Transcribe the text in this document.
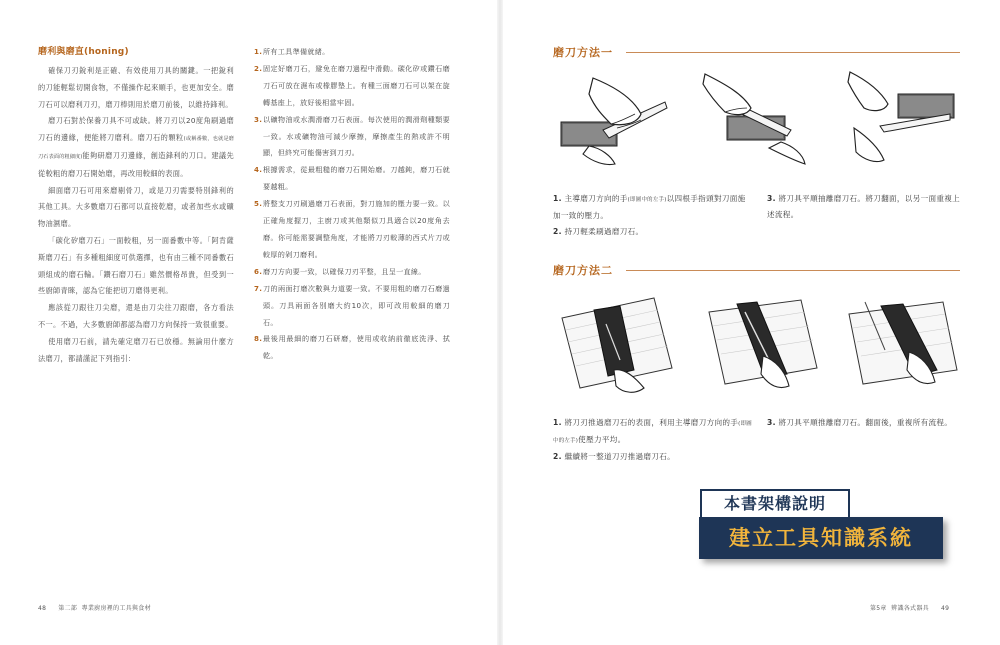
磨利與磨直(honing)

確保刀刃銳利是正確、有效使用刀具的關鍵。一把銳利的刀能輕鬆切開食物，不僅操作起來順手，也更加安全。磨刀石可以磨利刀刃，磨刀棒則用於磨刀前後，以維持鋒利。

磨刀石對於保養刀具不可或缺。將刀刃以20度角刷過磨刀石的邊緣，便能將刀磨利。磨刀石的顆粒(或稱番數，也就是磨刀石表面的粗細度)能夠研磨刀刃邊緣，創造鋒利的刀口。建議先從較粗的磨刀石開始磨，再改用較細的表面。

細面磨刀石可用來磨剔骨刀，或是刀刃需要特別鋒利的其他工具。大多數磨刀石都可以直接乾磨，或者加些水或礦物油濕磨。

「碳化矽磨刀石」一面較粗，另一面番數中等。「阿肯薩斯磨刀石」有多種粗細度可供選擇，也有由三種不同番數石頭組成的磨石輪。「鑽石磨刀石」雖然價格昂貴，但受到一些廚師青睞，認為它能把切刀磨得更利。

應該從刀跟往刀尖磨，還是由刀尖往刀跟磨，各方看法不一。不過，大多數廚師都認為磨刀方向保持一致很重要。

使用磨刀石前，請先確定磨刀石已放穩。無論用什麼方法磨刀，都請謹記下列指引：

1. 所有工具準備就緒。
2. 固定好磨刀石，避免在磨刀過程中滑動。碳化矽或鑽石磨刀石可放在濕布或橡膠墊上。有種三面磨刀石可以架在旋轉基座上，放好後相當牢固。
3. 以礦物油或水潤滑磨刀石表面。每次使用的潤滑劑種類要一致。水或礦物油可減少摩擦，摩擦產生的熱或許不明顯，但終究可能傷害到刀刃。
4. 根據需求，從最粗糙的磨刀石開始磨。刀越鈍，磨刀石就要越粗。
5. 將整支刀刃刷過磨刀石表面，對刀施加的壓力要一致。以正確角度握刀，主廚刀或其他類似刀具適合以20度角去磨。你可能需要調整角度，才能將刀刃較薄的西式片刀或較厚的剁刀磨利。
6. 磨刀方向要一致，以確保刀刃平整，且呈一直線。
7. 刀的兩面打磨次數與力道要一致。不要用粗的磨刀石磨過頭。刀具兩面各別磨大約10次，即可改用較細的磨刀石。
8. 最後用最細的磨刀石研磨，使用或收納前徹底洗淨、拭乾。
48 第二部 專業廚房裡的工具與食材
磨刀方法一
1. 主導磨刀方向的手(即圖中的左手)以四根手指頭對刀面施加一致的壓力。
2. 持刀輕柔刷過磨刀石。
3. 將刀具平順抽離磨刀石。將刀翻面，以另一面重複上述流程。
磨刀方法二
1. 將刀刃推過磨刀石的表面，利用主導磨刀方向的手(即圖中的左手)使壓力平均。
2. 繼續將一整道刀刃推過磨刀石。
3. 將刀具平順推離磨刀石。翻面後，重複所有流程。
本書架構說明
建立工具知識系統
第5章 辨識各式器具 49
